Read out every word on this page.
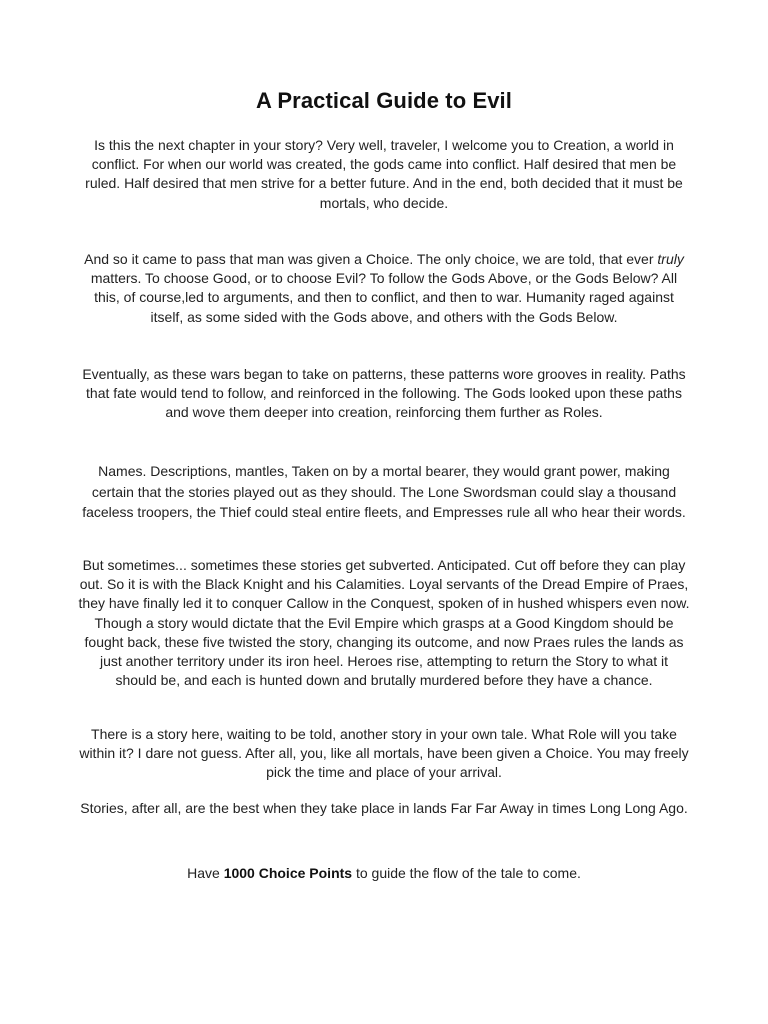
A Practical Guide to Evil

Is this the next chapter in your story? Very well, traveler, I welcome you to Creation, a world in conflict. For when our world was created, the gods came into conflict. Half desired that men be ruled. Half desired that men strive for a better future. And in the end, both decided that it must be mortals, who decide.

And so it came to pass that man was given a Choice. The only choice, we are told, that ever truly matters. To choose Good, or to choose Evil? To follow the Gods Above, or the Gods Below? All this, of course,led to arguments, and then to conflict, and then to war. Humanity raged against itself, as some sided with the Gods above, and others with the Gods Below.

Eventually, as these wars began to take on patterns, these patterns wore grooves in reality. Paths that fate would tend to follow, and reinforced in the following. The Gods looked upon these paths and wove them deeper into creation, reinforcing them further as Roles.

Names. Descriptions, mantles, Taken on by a mortal bearer, they would grant power, making certain that the stories played out as they should. The Lone Swordsman could slay a thousand faceless troopers, the Thief could steal entire fleets, and Empresses rule all who hear their words.

But sometimes... sometimes these stories get subverted. Anticipated. Cut off before they can play out. So it is with the Black Knight and his Calamities. Loyal servants of the Dread Empire of Praes, they have finally led it to conquer Callow in the Conquest, spoken of in hushed whispers even now. Though a story would dictate that the Evil Empire which grasps at a Good Kingdom should be fought back, these five twisted the story, changing its outcome, and now Praes rules the lands as just another territory under its iron heel. Heroes rise, attempting to return the Story to what it should be, and each is hunted down and brutally murdered before they have a chance.

There is a story here, waiting to be told, another story in your own tale. What Role will you take within it? I dare not guess. After all, you, like all mortals, have been given a Choice. You may freely pick the time and place of your arrival.

Stories, after all, are the best when they take place in lands Far Far Away in times Long Long Ago.

Have 1000 Choice Points to guide the flow of the tale to come.
